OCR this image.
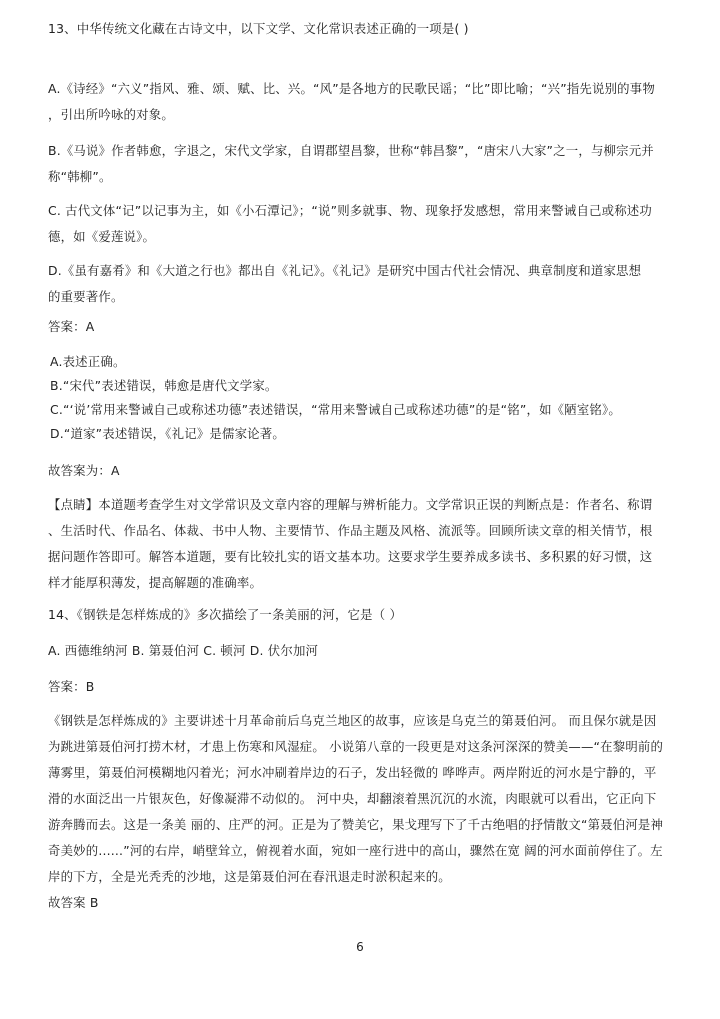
13、中华传统文化藏在古诗文中，以下文学、文化常识表述正确的一项是( )

A.《诗经》“六义”指风、雅、颂、赋、比、兴。“风”是各地方的民歌民谣；“比”即比喻；“兴”指先说别的事物
，引出所吟咏的对象。

B.《马说》作者韩愈，字退之，宋代文学家，自谓郡望昌黎，世称“韩昌黎”，“唐宋八大家”之一，与柳宗元并
称“韩柳”。

C. 古代文体“记”以记事为主，如《小石潭记》；“说”则多就事、物、现象抒发感想，常用来警诫自己或称述功
德，如《爱莲说》。

D.《虽有嘉肴》和《大道之行也》都出自《礼记》。《礼记》是研究中国古代社会情况、典章制度和道家思想
的重要著作。

答案：A

A.表述正确。
B.“宋代”表述错误，韩愈是唐代文学家。
C.“‘说’常用来警诫自己或称述功德”表述错误，“常用来警诫自己或称述功德”的是“铭”，如《陋室铭》。
D.“道家”表述错误，《礼记》是儒家论著。

故答案为：A

【点睛】本道题考查学生对文学常识及文章内容的理解与辨析能力。文学常识正误的判断点是：作者名、称谓
、生活时代、作品名、体裁、书中人物、主要情节、作品主题及风格、流派等。回顾所读文章的相关情节，根
据问题作答即可。解答本道题，要有比较扎实的语文基本功。这要求学生要养成多读书、多积累的好习惯，这
样才能厚积薄发，提高解题的准确率。

14、《钢铁是怎样炼成的》多次描绘了一条美丽的河，它是（ ）

A. 西德维纳河 B. 第聂伯河 C. 顿河 D. 伏尔加河

答案：B

《钢铁是怎样炼成的》主要讲述十月革命前后乌克兰地区的故事，应该是乌克兰的第聂伯河。 而且保尔就是因
为跳进第聂伯河打捞木材，才患上伤寒和风湿症。 小说第八章的一段更是对这条河深深的赞美——“在黎明前的
薄雾里，第聂伯河模糊地闪着光；河水冲刷着岸边的石子，发出轻微的 哗哗声。两岸附近的河水是宁静的，平
滑的水面泛出一片银灰色，好像凝滞不动似的。 河中央，却翻滚着黑沉沉的水流，肉眼就可以看出，它正向下
游奔腾而去。这是一条美 丽的、庄严的河。正是为了赞美它，果戈理写下了千古绝唱的抒情散文“第聂伯河是神
奇美妙的......”河的右岸，峭壁耸立，俯视着水面，宛如一座行进中的高山，骤然在宽 阔的河水面前停住了。左
岸的下方，全是光秃秃的沙地，这是第聂伯河在春汛退走时淤积起来的。

故答案 B

6
